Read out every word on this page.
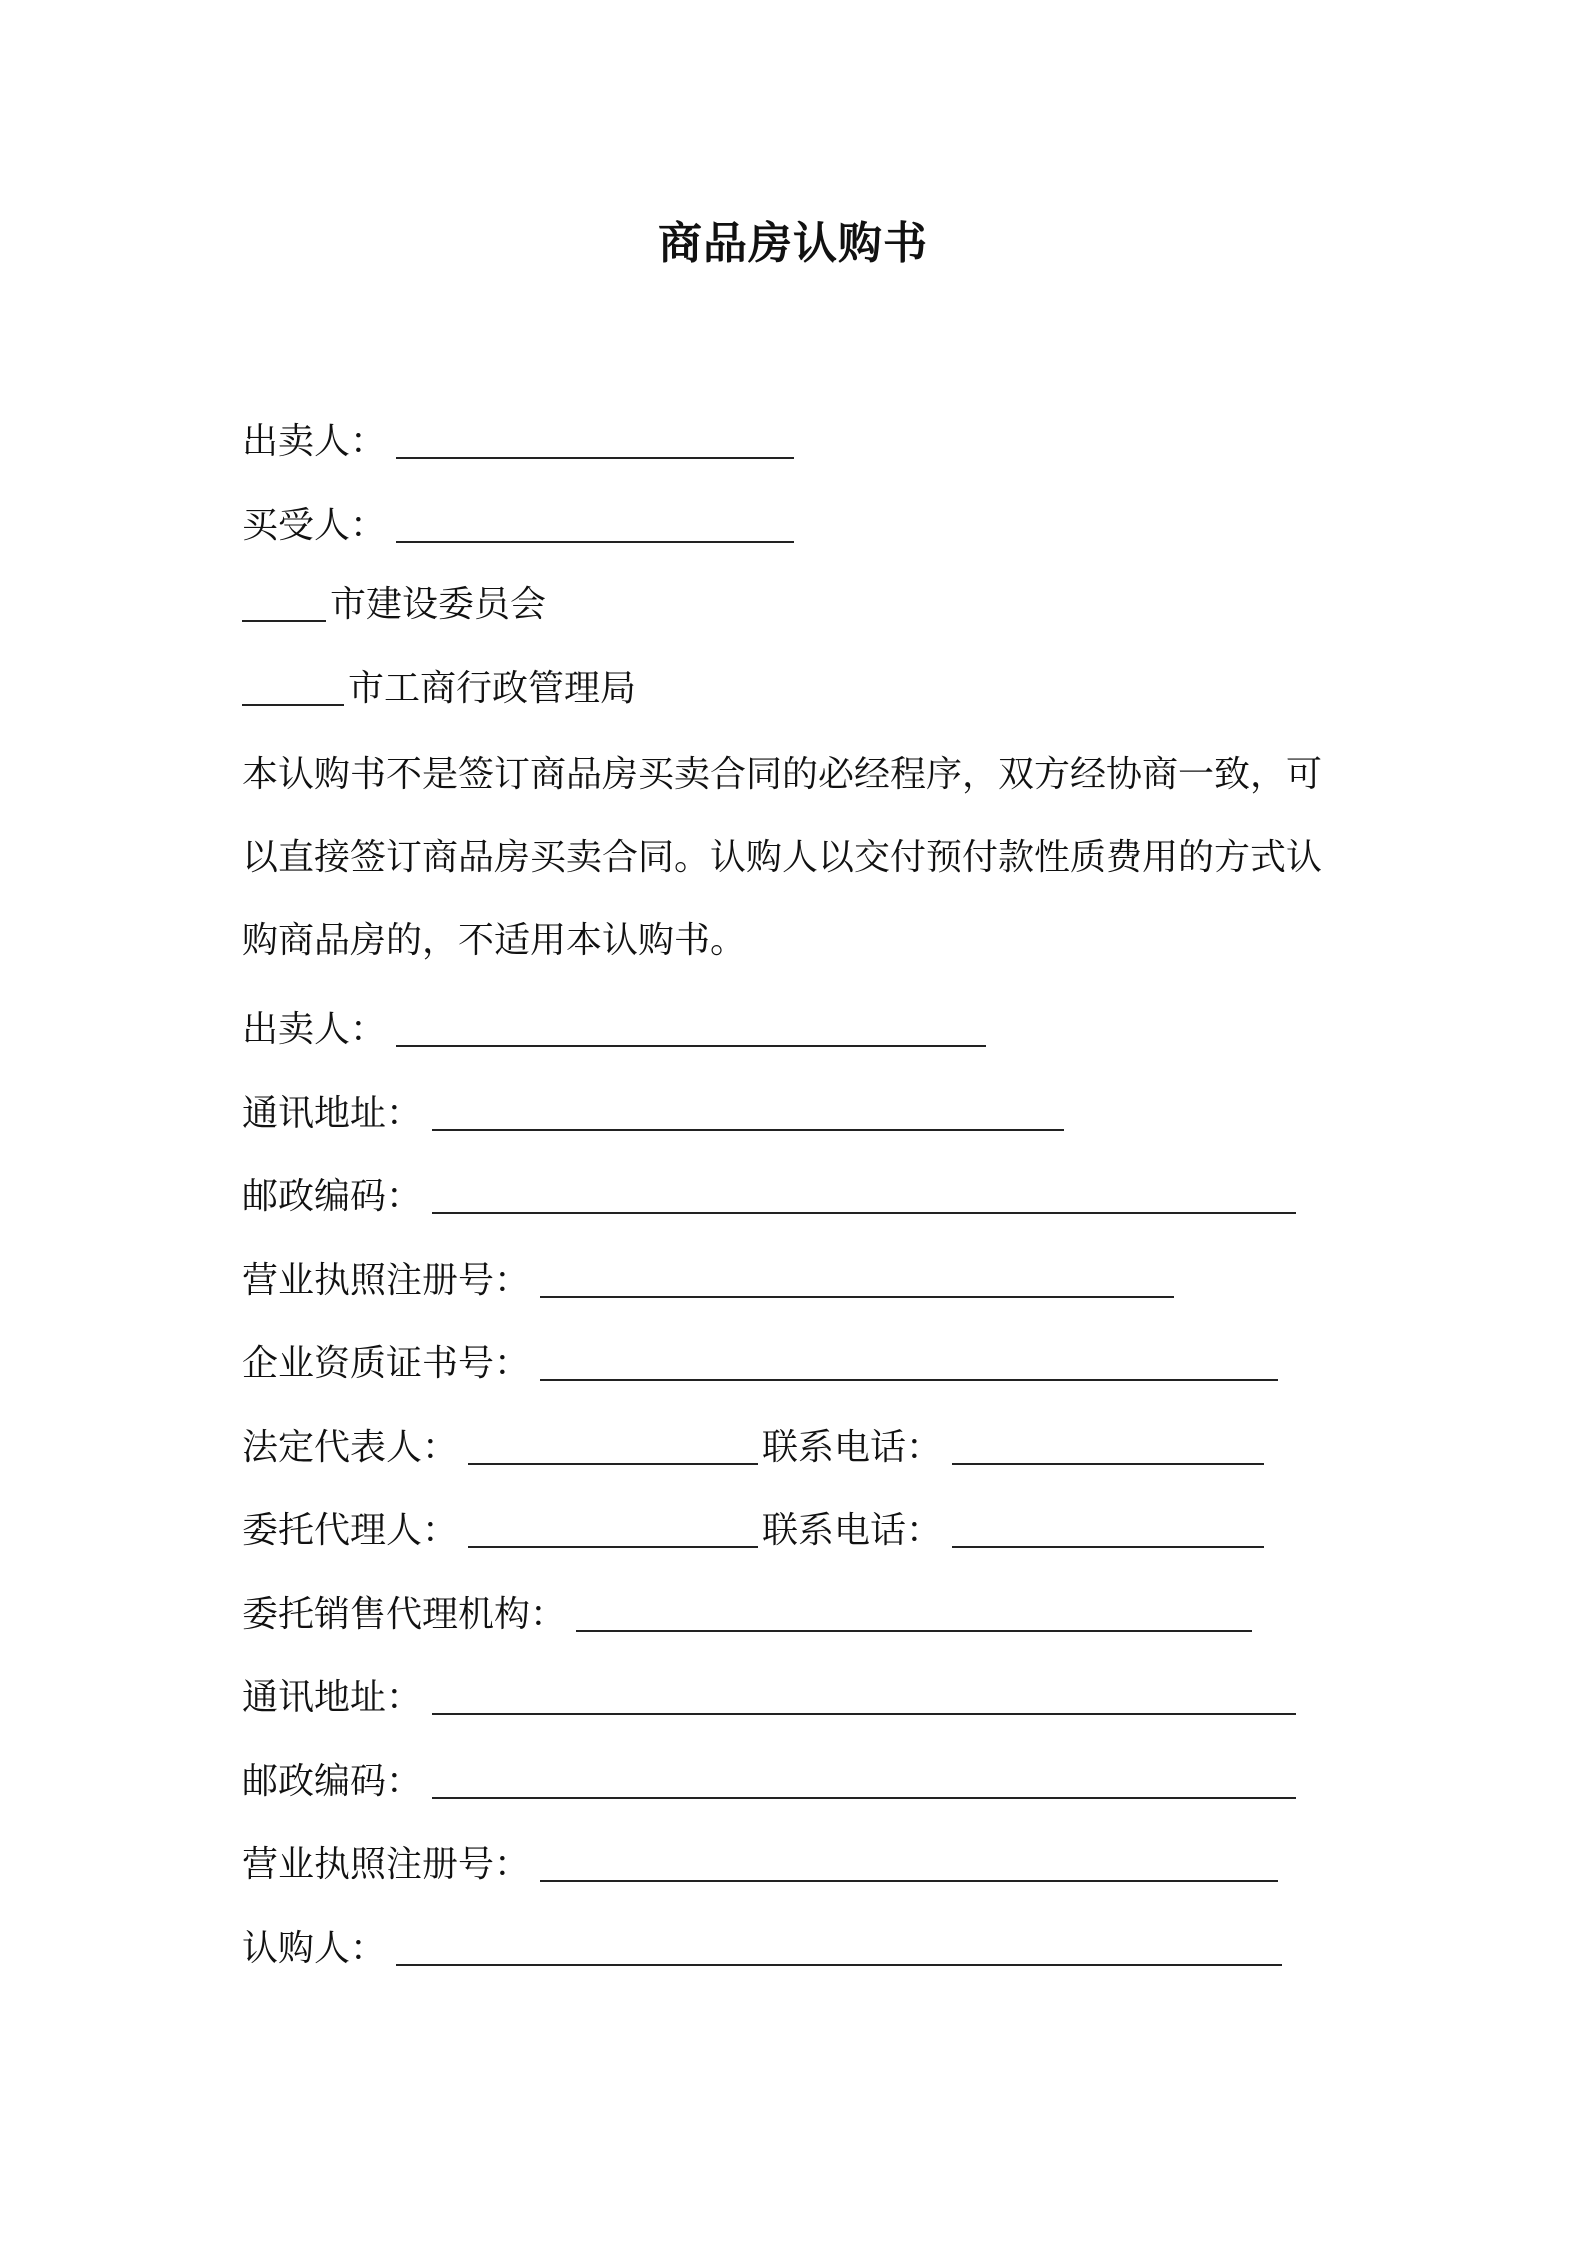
商品房认购书
出卖人：
买受人：
市建设委员会
市工商行政管理局
本认购书不是签订商品房买卖合同的必经程序，双方经协商一致，可
以直接签订商品房买卖合同。认购人以交付预付款性质费用的方式认
购商品房的，不适用本认购书。
出卖人：
通讯地址：
邮政编码：
营业执照注册号：
企业资质证书号：
法定代表人：	联系电话：
委托代理人：	联系电话：
委托销售代理机构：
通讯地址：
邮政编码：
营业执照注册号：
认购人：
